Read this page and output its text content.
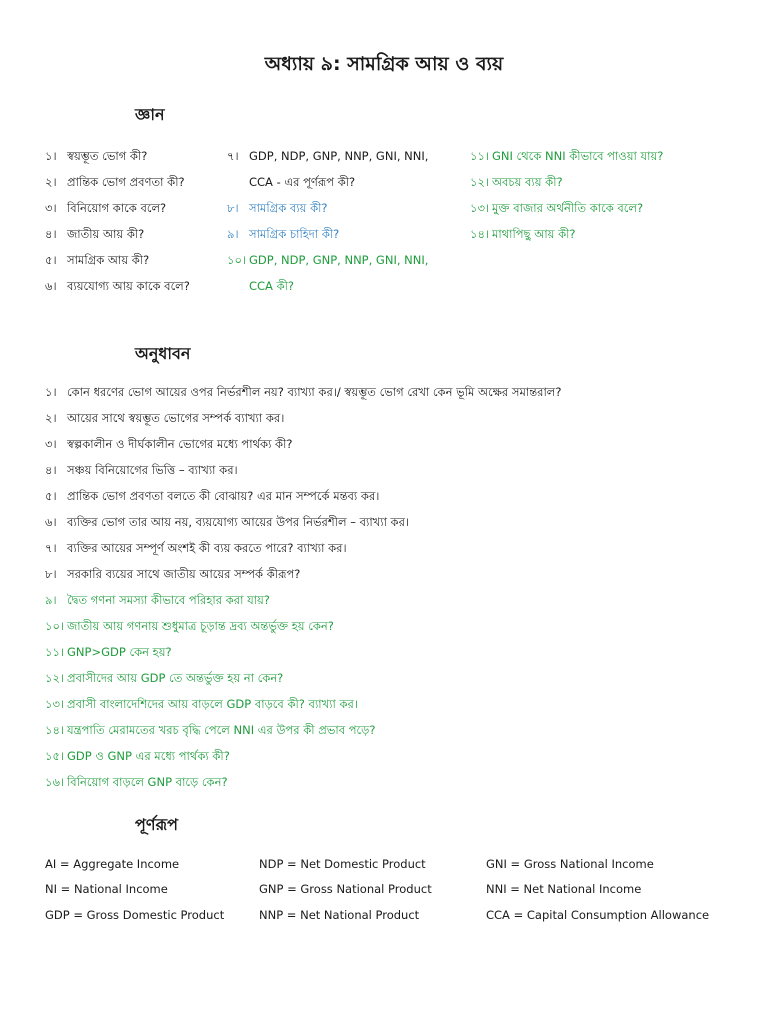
অধ্যায় ৯: সামগ্রিক আয় ও ব্যয়
জ্ঞান
১। স্বয়ম্ভূত ভোগ কী?
২। প্রান্তিক ভোগ প্রবণতা কী?
৩। বিনিয়োগ কাকে বলে?
৪। জাতীয় আয় কী?
৫। সামগ্রিক আয় কী?
৬। ব্যয়যোগ্য আয় কাকে বলে?
৭। GDP, NDP, GNP, NNP, GNI, NNI,
CCA - এর পূর্ণরূপ কী?
৮। সামগ্রিক ব্যয় কী?
৯। সামগ্রিক চাহিদা কী?
১০। GDP, NDP, GNP, NNP, GNI, NNI,
CCA কী?
১১। GNI থেকে NNI কীভাবে পাওয়া যায়?
১২। অবচয় ব্যয় কী?
১৩। মুক্ত বাজার অর্থনীতি কাকে বলে?
১৪। মাথাপিছু আয় কী?
অনুধাবন
১। কোন ধরণের ভোগ আয়ের ওপর নির্ভরশীল নয়? ব্যাখ্যা কর।/ স্বয়ম্ভূত ভোগ রেখা কেন ভূমি অক্ষের সমান্তরাল?
২। আয়ের সাথে স্বয়ম্ভূত ভোগের সম্পর্ক ব্যাখ্যা কর।
৩। স্বল্পকালীন ও দীর্ঘকালীন ভোগের মধ্যে পার্থক্য কী?
৪। সঞ্চয় বিনিয়োগের ভিত্তি – ব্যাখ্যা কর।
৫। প্রান্তিক ভোগ প্রবণতা বলতে কী বোঝায়? এর মান সম্পর্কে মন্তব্য কর।
৬। ব্যক্তির ভোগ তার আয় নয়, ব্যয়যোগ্য আয়ের উপর নির্ভরশীল – ব্যাখ্যা কর।
৭। ব্যক্তির আয়ের সম্পূর্ণ অংশই কী ব্যয় করতে পারে? ব্যাখ্যা কর।
৮। সরকারি ব্যয়ের সাথে জাতীয় আয়ের সম্পর্ক কীরূপ?
৯। দ্বৈত গণনা সমস্যা কীভাবে পরিহার করা যায়?
১০। জাতীয় আয় গণনায় শুধুমাত্র চূড়ান্ত দ্রব্য অন্তর্ভুক্ত হয় কেন?
১১। GNP>GDP কেন হয়?
১২। প্রবাসীদের আয় GDP তে অন্তর্ভুক্ত হয় না কেন?
১৩। প্রবাসী বাংলাদেশিদের আয় বাড়লে GDP বাড়বে কী? ব্যাখ্যা কর।
১৪। যন্ত্রপাতি মেরামতের খরচ বৃদ্ধি পেলে NNI এর উপর কী প্রভাব পড়ে?
১৫। GDP ও GNP এর মধ্যে পার্থক্য কী?
১৬। বিনিয়োগ বাড়লে GNP বাড়ে কেন?
পূর্ণরূপ
AI = Aggregate Income	NDP = Net Domestic Product	GNI = Gross National Income
NI = National Income	GNP = Gross National Product	NNI = Net National Income
GDP = Gross Domestic Product	NNP = Net National Product	CCA = Capital Consumption Allowance
